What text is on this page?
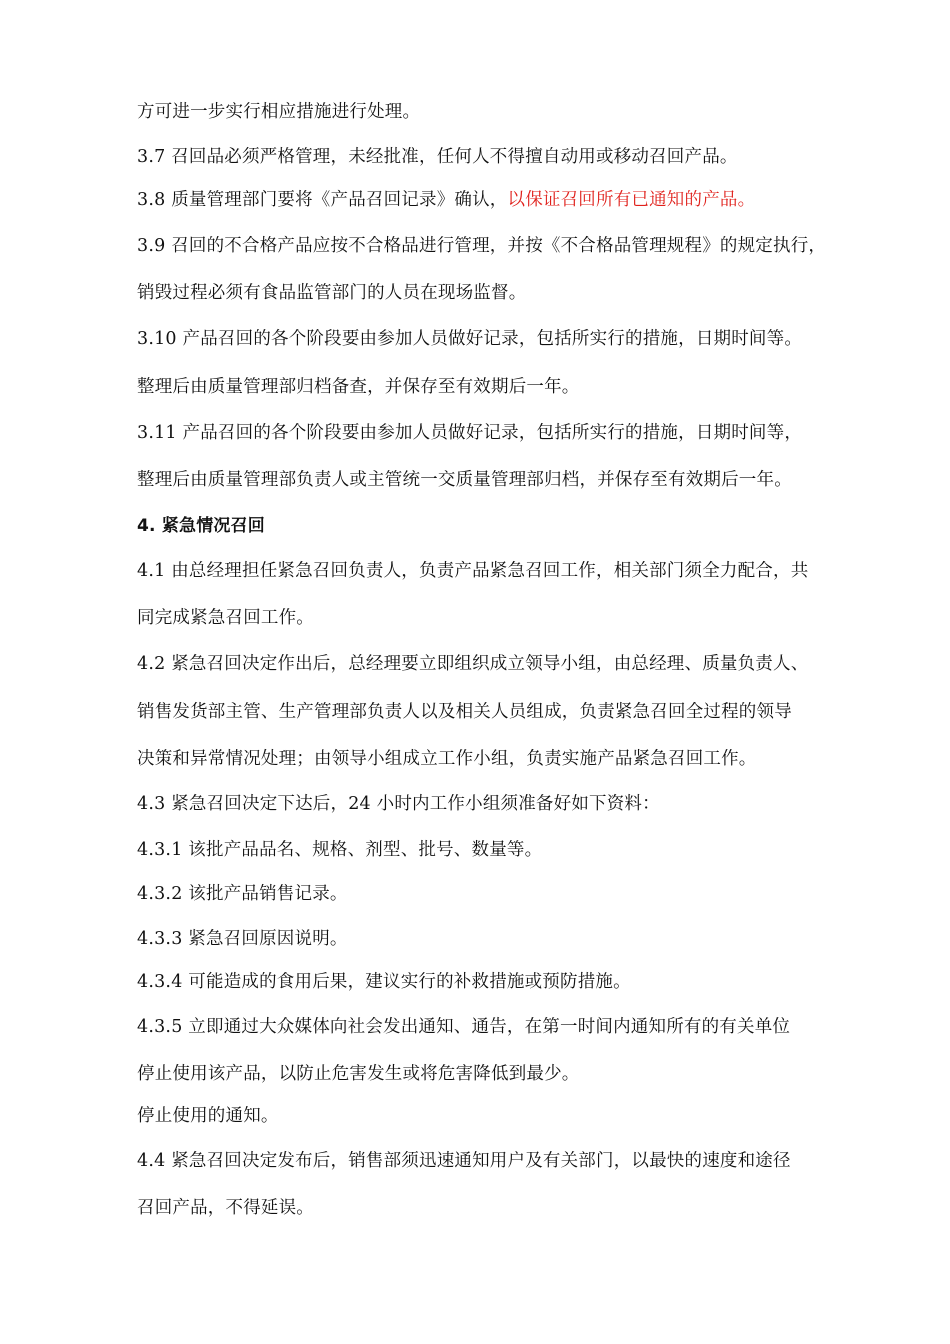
方可进一步实行相应措施进行处理。
3.7 召回品必须严格管理，未经批准，任何人不得擅自动用或移动召回产品。
3.8 质量管理部门要将《产品召回记录》确认，以保证召回所有已通知的产品。
3.9 召回的不合格产品应按不合格品进行管理，并按《不合格品管理规程》的规定执行，
销毁过程必须有食品监管部门的人员在现场监督。
3.10 产品召回的各个阶段要由参加人员做好记录，包括所实行的措施，日期时间等。
整理后由质量管理部归档备查，并保存至有效期后一年。
3.11 产品召回的各个阶段要由参加人员做好记录，包括所实行的措施，日期时间等，
整理后由质量管理部负责人或主管统一交质量管理部归档，并保存至有效期后一年。
4. 紧急情况召回
4.1 由总经理担任紧急召回负责人，负责产品紧急召回工作，相关部门须全力配合，共
同完成紧急召回工作。
4.2 紧急召回决定作出后，总经理要立即组织成立领导小组，由总经理、质量负责人、
销售发货部主管、生产管理部负责人以及相关人员组成，负责紧急召回全过程的领导
决策和异常情况处理；由领导小组成立工作小组，负责实施产品紧急召回工作。
4.3 紧急召回决定下达后，24 小时内工作小组须准备好如下资料：
4.3.1 该批产品品名、规格、剂型、批号、数量等。
4.3.2 该批产品销售记录。
4.3.3 紧急召回原因说明。
4.3.4 可能造成的食用后果，建议实行的补救措施或预防措施。
4.3.5 立即通过大众媒体向社会发出通知、通告，在第一时间内通知所有的有关单位
停止使用该产品，以防止危害发生或将危害降低到最少。
停止使用的通知。
4.4 紧急召回决定发布后，销售部须迅速通知用户及有关部门，以最快的速度和途径
召回产品，不得延误。
